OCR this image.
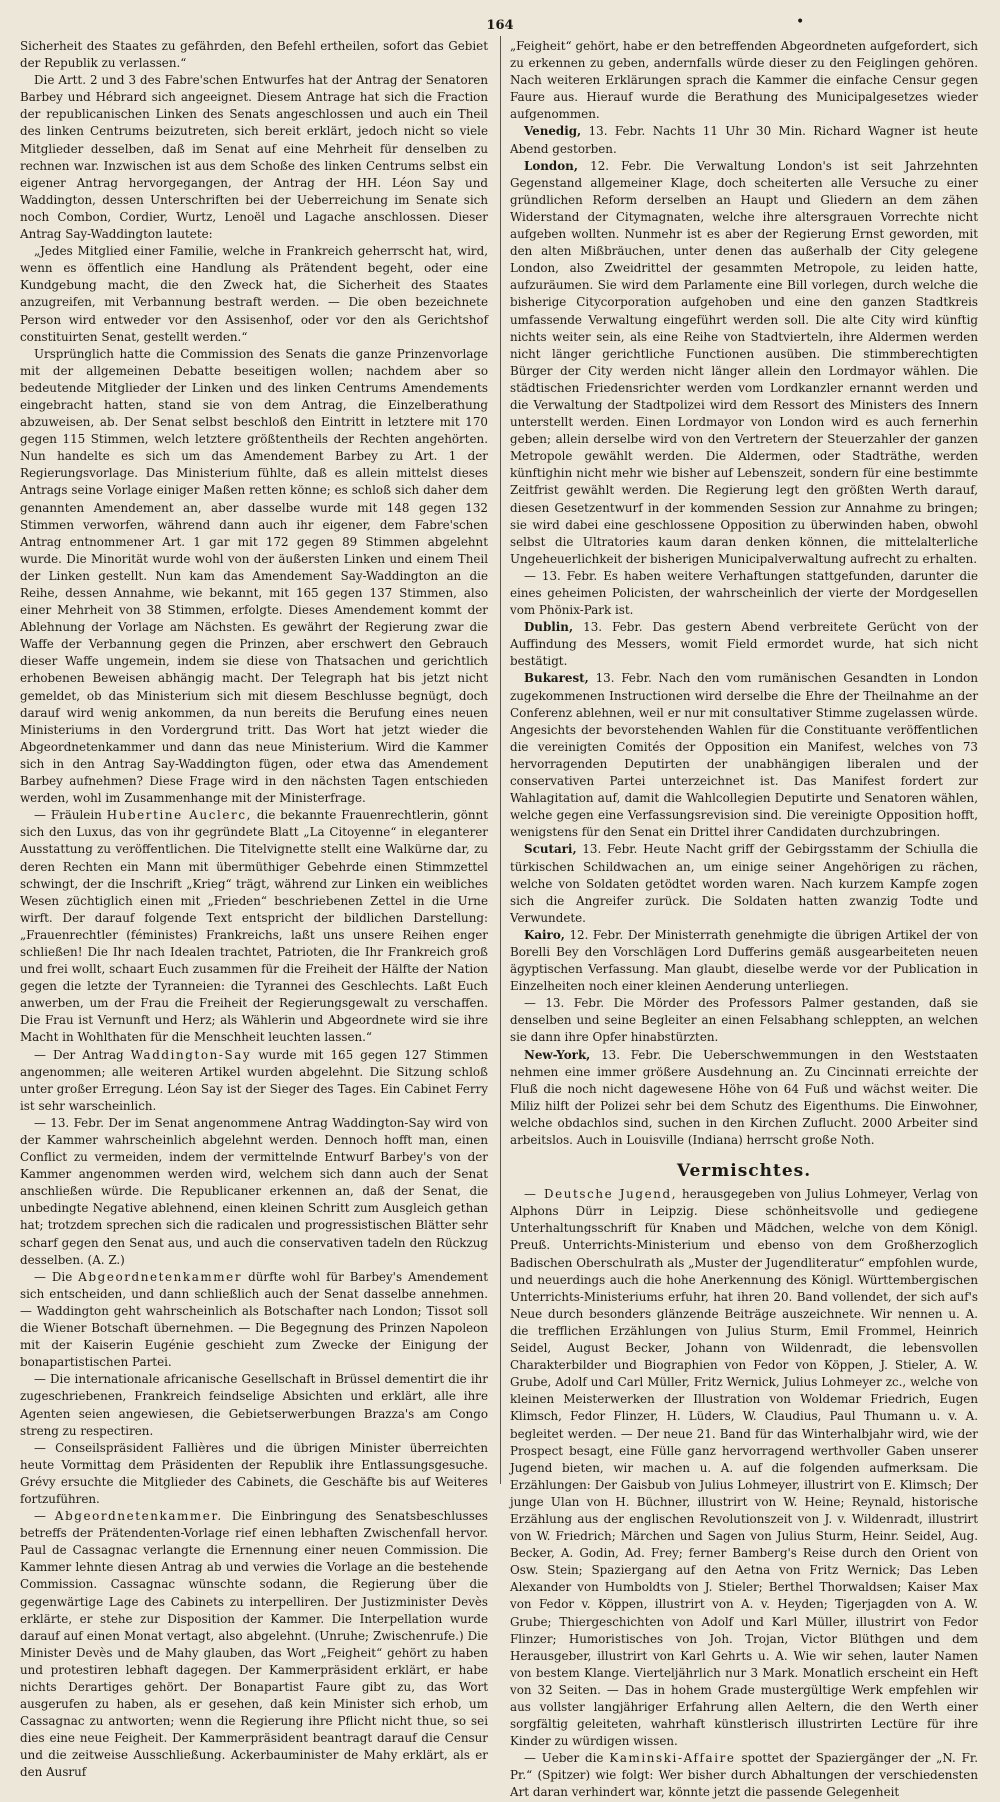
164	•

Sicherheit des Staates zu gefährden, den Befehl ertheilen, sofort das Gebiet der Republik zu verlassen.“

Die Artt. 2 und 3 des Fabre'schen Entwurfes hat der Antrag der Senatoren Barbey und Hébrard sich angeeignet. Diesem Antrage hat sich die Fraction der republicanischen Linken des Senats angeschlossen und auch ein Theil des linken Centrums beizutreten, sich bereit erklärt, jedoch nicht so viele Mitglieder desselben, daß im Senat auf eine Mehrheit für denselben zu rechnen war. Inzwischen ist aus dem Schoße des linken Centrums selbst ein eigener Antrag hervorgegangen, der Antrag der HH. Léon Say und Waddington, dessen Unterschriften bei der Ueberreichung im Senate sich noch Combon, Cordier, Wurtz, Lenoël und Lagache anschlossen. Dieser Antrag Say-Waddington lautete:

„Jedes Mitglied einer Familie, welche in Frankreich geherrscht hat, wird, wenn es öffentlich eine Handlung als Prätendent begeht, oder eine Kundgebung macht, die den Zweck hat, die Sicherheit des Staates anzugreifen, mit Verbannung bestraft werden. — Die oben bezeichnete Person wird entweder vor den Assisenhof, oder vor den als Gerichtshof constituirten Senat, gestellt werden.“

Ursprünglich hatte die Commission des Senats die ganze Prinzenvorlage mit der allgemeinen Debatte beseitigen wollen; nachdem aber so bedeutende Mitglieder der Linken und des linken Centrums Amendements eingebracht hatten, stand sie von dem Antrag, die Einzelberathung abzuweisen, ab. Der Senat selbst beschloß den Eintritt in letztere mit 170 gegen 115 Stimmen, welch letztere größtentheils der Rechten angehörten. Nun handelte es sich um das Amendement Barbey zu Art. 1 der Regierungsvorlage. Das Ministerium fühlte, daß es allein mittelst dieses Antrags seine Vorlage einiger Maßen retten könne; es schloß sich daher dem genannten Amendement an, aber dasselbe wurde mit 148 gegen 132 Stimmen verworfen, während dann auch ihr eigener, dem Fabre'schen Antrag entnommener Art. 1 gar mit 172 gegen 89 Stimmen abgelehnt wurde. Die Minorität wurde wohl von der äußersten Linken und einem Theil der Linken gestellt. Nun kam das Amendement Say-Waddington an die Reihe, dessen Annahme, wie bekannt, mit 165 gegen 137 Stimmen, also einer Mehrheit von 38 Stimmen, erfolgte. Dieses Amendement kommt der Ablehnung der Vorlage am Nächsten. Es gewährt der Regierung zwar die Waffe der Verbannung gegen die Prinzen, aber erschwert den Gebrauch dieser Waffe ungemein, indem sie diese von Thatsachen und gerichtlich erhobenen Beweisen abhängig macht. Der Telegraph hat bis jetzt nicht gemeldet, ob das Ministerium sich mit diesem Beschlusse begnügt, doch darauf wird wenig ankommen, da nun bereits die Berufung eines neuen Ministeriums in den Vordergrund tritt. Das Wort hat jetzt wieder die Abgeordnetenkammer und dann das neue Ministerium. Wird die Kammer sich in den Antrag Say-Waddington fügen, oder etwa das Amendement Barbey aufnehmen? Diese Frage wird in den nächsten Tagen entschieden werden, wohl im Zusammenhange mit der Ministerfrage.

— Fräulein Hubertine Auclerc, die bekannte Frauenrechtlerin, gönnt sich den Luxus, das von ihr gegründete Blatt „La Citoyenne“ in eleganterer Ausstattung zu veröffentlichen. Die Titelvignette stellt eine Walkürne dar, zu deren Rechten ein Mann mit übermüthiger Gebehrde einen Stimmzettel schwingt, der die Inschrift „Krieg“ trägt, während zur Linken ein weibliches Wesen züchtiglich einen mit „Frieden“ beschriebenen Zettel in die Urne wirft. Der darauf folgende Text entspricht der bildlichen Darstellung: „Frauenrechtler (féministes) Frankreichs, laßt uns unsere Reihen enger schließen! Die Ihr nach Idealen trachtet, Patrioten, die Ihr Frankreich groß und frei wollt, schaart Euch zusammen für die Freiheit der Hälfte der Nation gegen die letzte der Tyranneien: die Tyrannei des Geschlechts. Laßt Euch anwerben, um der Frau die Freiheit der Regierungsgewalt zu verschaffen. Die Frau ist Vernunft und Herz; als Wählerin und Abgeordnete wird sie ihre Macht in Wohlthaten für die Menschheit leuchten lassen.“

— Der Antrag Waddington-Say wurde mit 165 gegen 127 Stimmen angenommen; alle weiteren Artikel wurden abgelehnt. Die Sitzung schloß unter großer Erregung. Léon Say ist der Sieger des Tages. Ein Cabinet Ferry ist sehr warscheinlich.

— 13. Febr. Der im Senat angenommene Antrag Waddington-Say wird von der Kammer wahrscheinlich abgelehnt werden. Dennoch hofft man, einen Conflict zu vermeiden, indem der vermittelnde Entwurf Barbey's von der Kammer angenommen werden wird, welchem sich dann auch der Senat anschließen würde. Die Republicaner erkennen an, daß der Senat, die unbedingte Negative ablehnend, einen kleinen Schritt zum Ausgleich gethan hat; trotzdem sprechen sich die radicalen und progressistischen Blätter sehr scharf gegen den Senat aus, und auch die conservativen tadeln den Rückzug desselben. (A. Z.)

— Die Abgeordnetenkammer dürfte wohl für Barbey's Amendement sich entscheiden, und dann schließlich auch der Senat dasselbe annehmen. — Waddington geht wahrscheinlich als Botschafter nach London; Tissot soll die Wiener Botschaft übernehmen. — Die Begegnung des Prinzen Napoleon mit der Kaiserin Eugénie geschieht zum Zwecke der Einigung der bonapartistischen Partei.

— Die internationale africanische Gesellschaft in Brüssel dementirt die ihr zugeschriebenen, Frankreich feindselige Absichten und erklärt, alle ihre Agenten seien angewiesen, die Gebietserwerbungen Brazza's am Congo streng zu respectiren.

— Conseilspräsident Fallières und die übrigen Minister überreichten heute Vormittag dem Präsidenten der Republik ihre Entlassungsgesuche. Grévy ersuchte die Mitglieder des Cabinets, die Geschäfte bis auf Weiteres fortzuführen.

— Abgeordnetenkammer. Die Einbringung des Senatsbeschlusses betreffs der Prätendenten-Vorlage rief einen lebhaften Zwischenfall hervor. Paul de Cassagnac verlangte die Ernennung einer neuen Commission. Die Kammer lehnte diesen Antrag ab und verwies die Vorlage an die bestehende Commission. Cassagnac wünschte sodann, die Regierung über die gegenwärtige Lage des Cabinets zu interpelliren. Der Justizminister Devès erklärte, er stehe zur Disposition der Kammer. Die Interpellation wurde darauf auf einen Monat vertagt, also abgelehnt. (Unruhe; Zwischenrufe.) Die Minister Devès und de Mahy glauben, das Wort „Feigheit“ gehört zu haben und protestiren lebhaft dagegen. Der Kammerpräsident erklärt, er habe nichts Derartiges gehört. Der Bonapartist Faure gibt zu, das Wort ausgerufen zu haben, als er gesehen, daß kein Minister sich erhob, um Cassagnac zu antworten; wenn die Regierung ihre Pflicht nicht thue, so sei dies eine neue Feigheit. Der Kammerpräsident beantragt darauf die Censur und die zeitweise Ausschließung. Ackerbauminister de Mahy erklärt, als er den Ausruf

„Feigheit“ gehört, habe er den betreffenden Abgeordneten aufgefordert, sich zu erkennen zu geben, andernfalls würde dieser zu den Feiglingen gehören. Nach weiteren Erklärungen sprach die Kammer die einfache Censur gegen Faure aus. Hierauf wurde die Berathung des Municipalgesetzes wieder aufgenommen.

Venedig, 13. Febr. Nachts 11 Uhr 30 Min. Richard Wagner ist heute Abend gestorben.

London, 12. Febr. Die Verwaltung London's ist seit Jahrzehnten Gegenstand allgemeiner Klage, doch scheiterten alle Versuche zu einer gründlichen Reform derselben an Haupt und Gliedern an dem zähen Widerstand der Citymagnaten, welche ihre altersgrauen Vorrechte nicht aufgeben wollten. Nunmehr ist es aber der Regierung Ernst geworden, mit den alten Mißbräuchen, unter denen das außerhalb der City gelegene London, also Zweidrittel der gesammten Metropole, zu leiden hatte, aufzuräumen. Sie wird dem Parlamente eine Bill vorlegen, durch welche die bisherige Citycorporation aufgehoben und eine den ganzen Stadtkreis umfassende Verwaltung eingeführt werden soll. Die alte City wird künftig nichts weiter sein, als eine Reihe von Stadtvierteln, ihre Aldermen werden nicht länger gerichtliche Functionen ausüben. Die stimmberechtigten Bürger der City werden nicht länger allein den Lordmayor wählen. Die städtischen Friedensrichter werden vom Lordkanzler ernannt werden und die Verwaltung der Stadtpolizei wird dem Ressort des Ministers des Innern unterstellt werden. Einen Lordmayor von London wird es auch fernerhin geben; allein derselbe wird von den Vertretern der Steuerzahler der ganzen Metropole gewählt werden. Die Aldermen, oder Stadträthe, werden künftighin nicht mehr wie bisher auf Lebenszeit, sondern für eine bestimmte Zeitfrist gewählt werden. Die Regierung legt den größten Werth darauf, diesen Gesetzentwurf in der kommenden Session zur Annahme zu bringen; sie wird dabei eine geschlossene Opposition zu überwinden haben, obwohl selbst die Ultratories kaum daran denken können, die mittelalterliche Ungeheuerlichkeit der bisherigen Municipalverwaltung aufrecht zu erhalten.

— 13. Febr. Es haben weitere Verhaftungen stattgefunden, darunter die eines geheimen Policisten, der wahrscheinlich der vierte der Mordgesellen vom Phönix-Park ist.

Dublin, 13. Febr. Das gestern Abend verbreitete Gerücht von der Auffindung des Messers, womit Field ermordet wurde, hat sich nicht bestätigt.

Bukarest, 13. Febr. Nach den vom rumänischen Gesandten in London zugekommenen Instructionen wird derselbe die Ehre der Theilnahme an der Conferenz ablehnen, weil er nur mit consultativer Stimme zugelassen würde. Angesichts der bevorstehenden Wahlen für die Constituante veröffentlichen die vereinigten Comités der Opposition ein Manifest, welches von 73 hervorragenden Deputirten der unabhängigen liberalen und der conservativen Partei unterzeichnet ist. Das Manifest fordert zur Wahlagitation auf, damit die Wahlcollegien Deputirte und Senatoren wählen, welche gegen eine Verfassungsrevision sind. Die vereinigte Opposition hofft, wenigstens für den Senat ein Drittel ihrer Candidaten durchzubringen.

Scutari, 13. Febr. Heute Nacht griff der Gebirgsstamm der Schiulla die türkischen Schildwachen an, um einige seiner Angehörigen zu rächen, welche von Soldaten getödtet worden waren. Nach kurzem Kampfe zogen sich die Angreifer zurück. Die Soldaten hatten zwanzig Todte und Verwundete.

Kairo, 12. Febr. Der Ministerrath genehmigte die übrigen Artikel der von Borelli Bey den Vorschlägen Lord Dufferins gemäß ausgearbeiteten neuen ägyptischen Verfassung. Man glaubt, dieselbe werde vor der Publication in Einzelheiten noch einer kleinen Aenderung unterliegen.

— 13. Febr. Die Mörder des Professors Palmer gestanden, daß sie denselben und seine Begleiter an einen Felsabhang schleppten, an welchen sie dann ihre Opfer hinabstürzten.

New-York, 13. Febr. Die Ueberschwemmungen in den Weststaaten nehmen eine immer größere Ausdehnung an. Zu Cincinnati erreichte der Fluß die noch nicht dagewesene Höhe von 64 Fuß und wächst weiter. Die Miliz hilft der Polizei sehr bei dem Schutz des Eigenthums. Die Einwohner, welche obdachlos sind, suchen in den Kirchen Zuflucht. 2000 Arbeiter sind arbeitslos. Auch in Louisville (Indiana) herrscht große Noth.

Vermischtes.

— Deutsche Jugend, herausgegeben von Julius Lohmeyer, Verlag von Alphons Dürr in Leipzig. Diese schönheitsvolle und gediegene Unterhaltungsschrift für Knaben und Mädchen, welche von dem Königl. Preuß. Unterrichts-Ministerium und ebenso von dem Großherzoglich Badischen Oberschulrath als „Muster der Jugendliteratur“ empfohlen wurde, und neuerdings auch die hohe Anerkennung des Königl. Württembergischen Unterrichts-Ministeriums erfuhr, hat ihren 20. Band vollendet, der sich auf's Neue durch besonders glänzende Beiträge auszeichnete. Wir nennen u. A. die trefflichen Erzählungen von Julius Sturm, Emil Frommel, Heinrich Seidel, August Becker, Johann von Wildenradt, die lebensvollen Charakterbilder und Biographien von Fedor von Köppen, J. Stieler, A. W. Grube, Adolf und Carl Müller, Fritz Wernick, Julius Lohmeyer zc., welche von kleinen Meisterwerken der Illustration von Woldemar Friedrich, Eugen Klimsch, Fedor Flinzer, H. Lüders, W. Claudius, Paul Thumann u. v. A. begleitet werden. — Der neue 21. Band für das Winterhalbjahr wird, wie der Prospect besagt, eine Fülle ganz hervorragend werthvoller Gaben unserer Jugend bieten, wir machen u. A. auf die folgenden aufmerksam. Die Erzählungen: Der Gaisbub von Julius Lohmeyer, illustrirt von E. Klimsch; Der junge Ulan von H. Büchner, illustrirt von W. Heine; Reynald, historische Erzählung aus der englischen Revolutionszeit von J. v. Wildenradt, illustrirt von W. Friedrich; Märchen und Sagen von Julius Sturm, Heinr. Seidel, Aug. Becker, A. Godin, Ad. Frey; ferner Bamberg's Reise durch den Orient von Osw. Stein; Spaziergang auf den Aetna von Fritz Wernick; Das Leben Alexander von Humboldts von J. Stieler; Berthel Thorwaldsen; Kaiser Max von Fedor v. Köppen, illustrirt von A. v. Heyden; Tigerjagden von A. W. Grube; Thiergeschichten von Adolf und Karl Müller, illustrirt von Fedor Flinzer; Humoristisches von Joh. Trojan, Victor Blüthgen und dem Herausgeber, illustrirt von Karl Gehrts u. A. Wie wir sehen, lauter Namen von bestem Klange. Vierteljährlich nur 3 Mark. Monatlich erscheint ein Heft von 32 Seiten. — Das in hohem Grade mustergültige Werk empfehlen wir aus vollster langjähriger Erfahrung allen Aeltern, die den Werth einer sorgfältig geleiteten, wahrhaft künstlerisch illustrirten Lectüre für ihre Kinder zu würdigen wissen.

— Ueber die Kaminski-Affaire spottet der Spaziergänger der „N. Fr. Pr.“ (Spitzer) wie folgt: Wer bisher durch Abhaltungen der verschiedensten Art daran verhindert war, könnte jetzt die passende Gelegenheit
